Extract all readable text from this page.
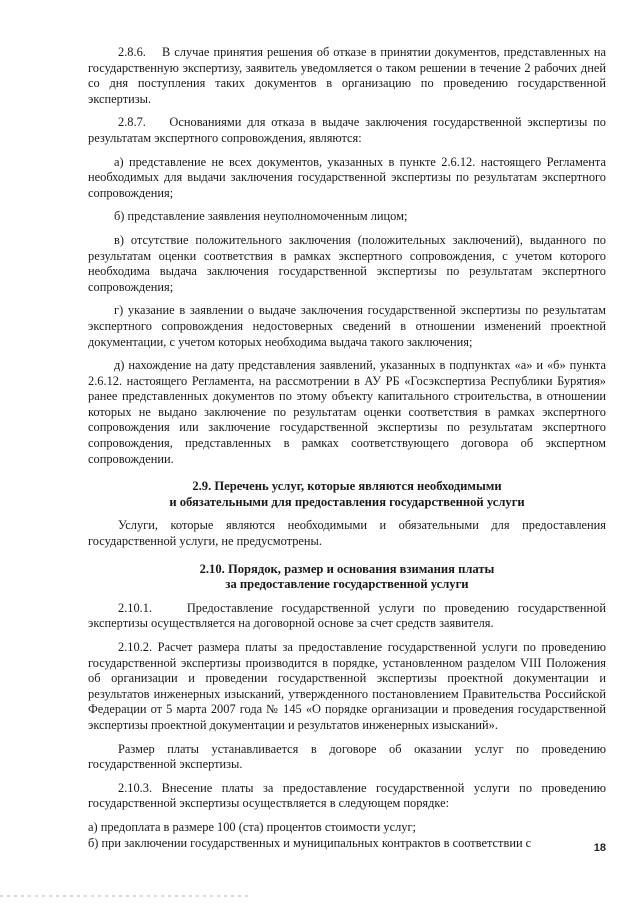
2.8.6.    В случае принятия решения об отказе в принятии документов, представленных на государственную экспертизу, заявитель уведомляется о таком решении в течение 2 рабочих дней со дня поступления таких документов в организацию по проведению государственной экспертизы.

2.8.7.    Основаниями для отказа в выдаче заключения государственной экспертизы по результатам экспертного сопровождения, являются:

а) представление не всех документов, указанных в пункте 2.6.12. настоящего Регламента необходимых для выдачи заключения государственной экспертизы по результатам экспертного сопровождения;

б) представление заявления неуполномоченным лицом;

в) отсутствие положительного заключения (положительных заключений), выданного по результатам оценки соответствия в рамках экспертного сопровождения, с учетом которого необходима выдача заключения государственной экспертизы по результатам экспертного сопровождения;

г) указание в заявлении о выдаче заключения государственной экспертизы по результатам экспертного сопровождения недостоверных сведений в отношении изменений проектной документации, с учетом которых необходима выдача такого заключения;

д) нахождение на дату представления заявлений, указанных в подпунктах «а» и «б» пункта 2.6.12. настоящего Регламента, на рассмотрении в АУ РБ «Госэкспертиза Республики Бурятия» ранее представленных документов по этому объекту капитального строительства, в отношении которых не выдано заключение по результатам оценки соответствия в рамках экспертного сопровождения или заключение государственной экспертизы по результатам экспертного сопровождения, представленных в рамках соответствующего договора об экспертном сопровождении.

2.9. Перечень услуг, которые являются необходимыми
и обязательными для предоставления государственной услуги

Услуги, которые являются необходимыми и обязательными для предоставления государственной услуги, не предусмотрены.

2.10. Порядок, размер и основания взимания платы
за предоставление государственной услуги

2.10.1.    Предоставление государственной услуги по проведению государственной экспертизы осуществляется на договорной основе за счет средств заявителя.

2.10.2. Расчет размера платы за предоставление государственной услуги по проведению государственной экспертизы производится в порядке, установленном разделом VIII Положения об организации и проведении государственной экспертизы проектной документации и результатов инженерных изысканий, утвержденного постановлением Правительства Российской Федерации от 5 марта 2007 года № 145 «О порядке организации и проведения государственной экспертизы проектной документации и результатов инженерных изысканий».

Размер платы устанавливается в договоре об оказании услуг по проведению государственной экспертизы.

2.10.3. Внесение платы за предоставление государственной услуги по проведению государственной экспертизы осуществляется в следующем порядке:

а) предоплата в размере 100 (ста) процентов стоимости услуг;

б) при заключении государственных и муниципальных контрактов в соответствии с	18
